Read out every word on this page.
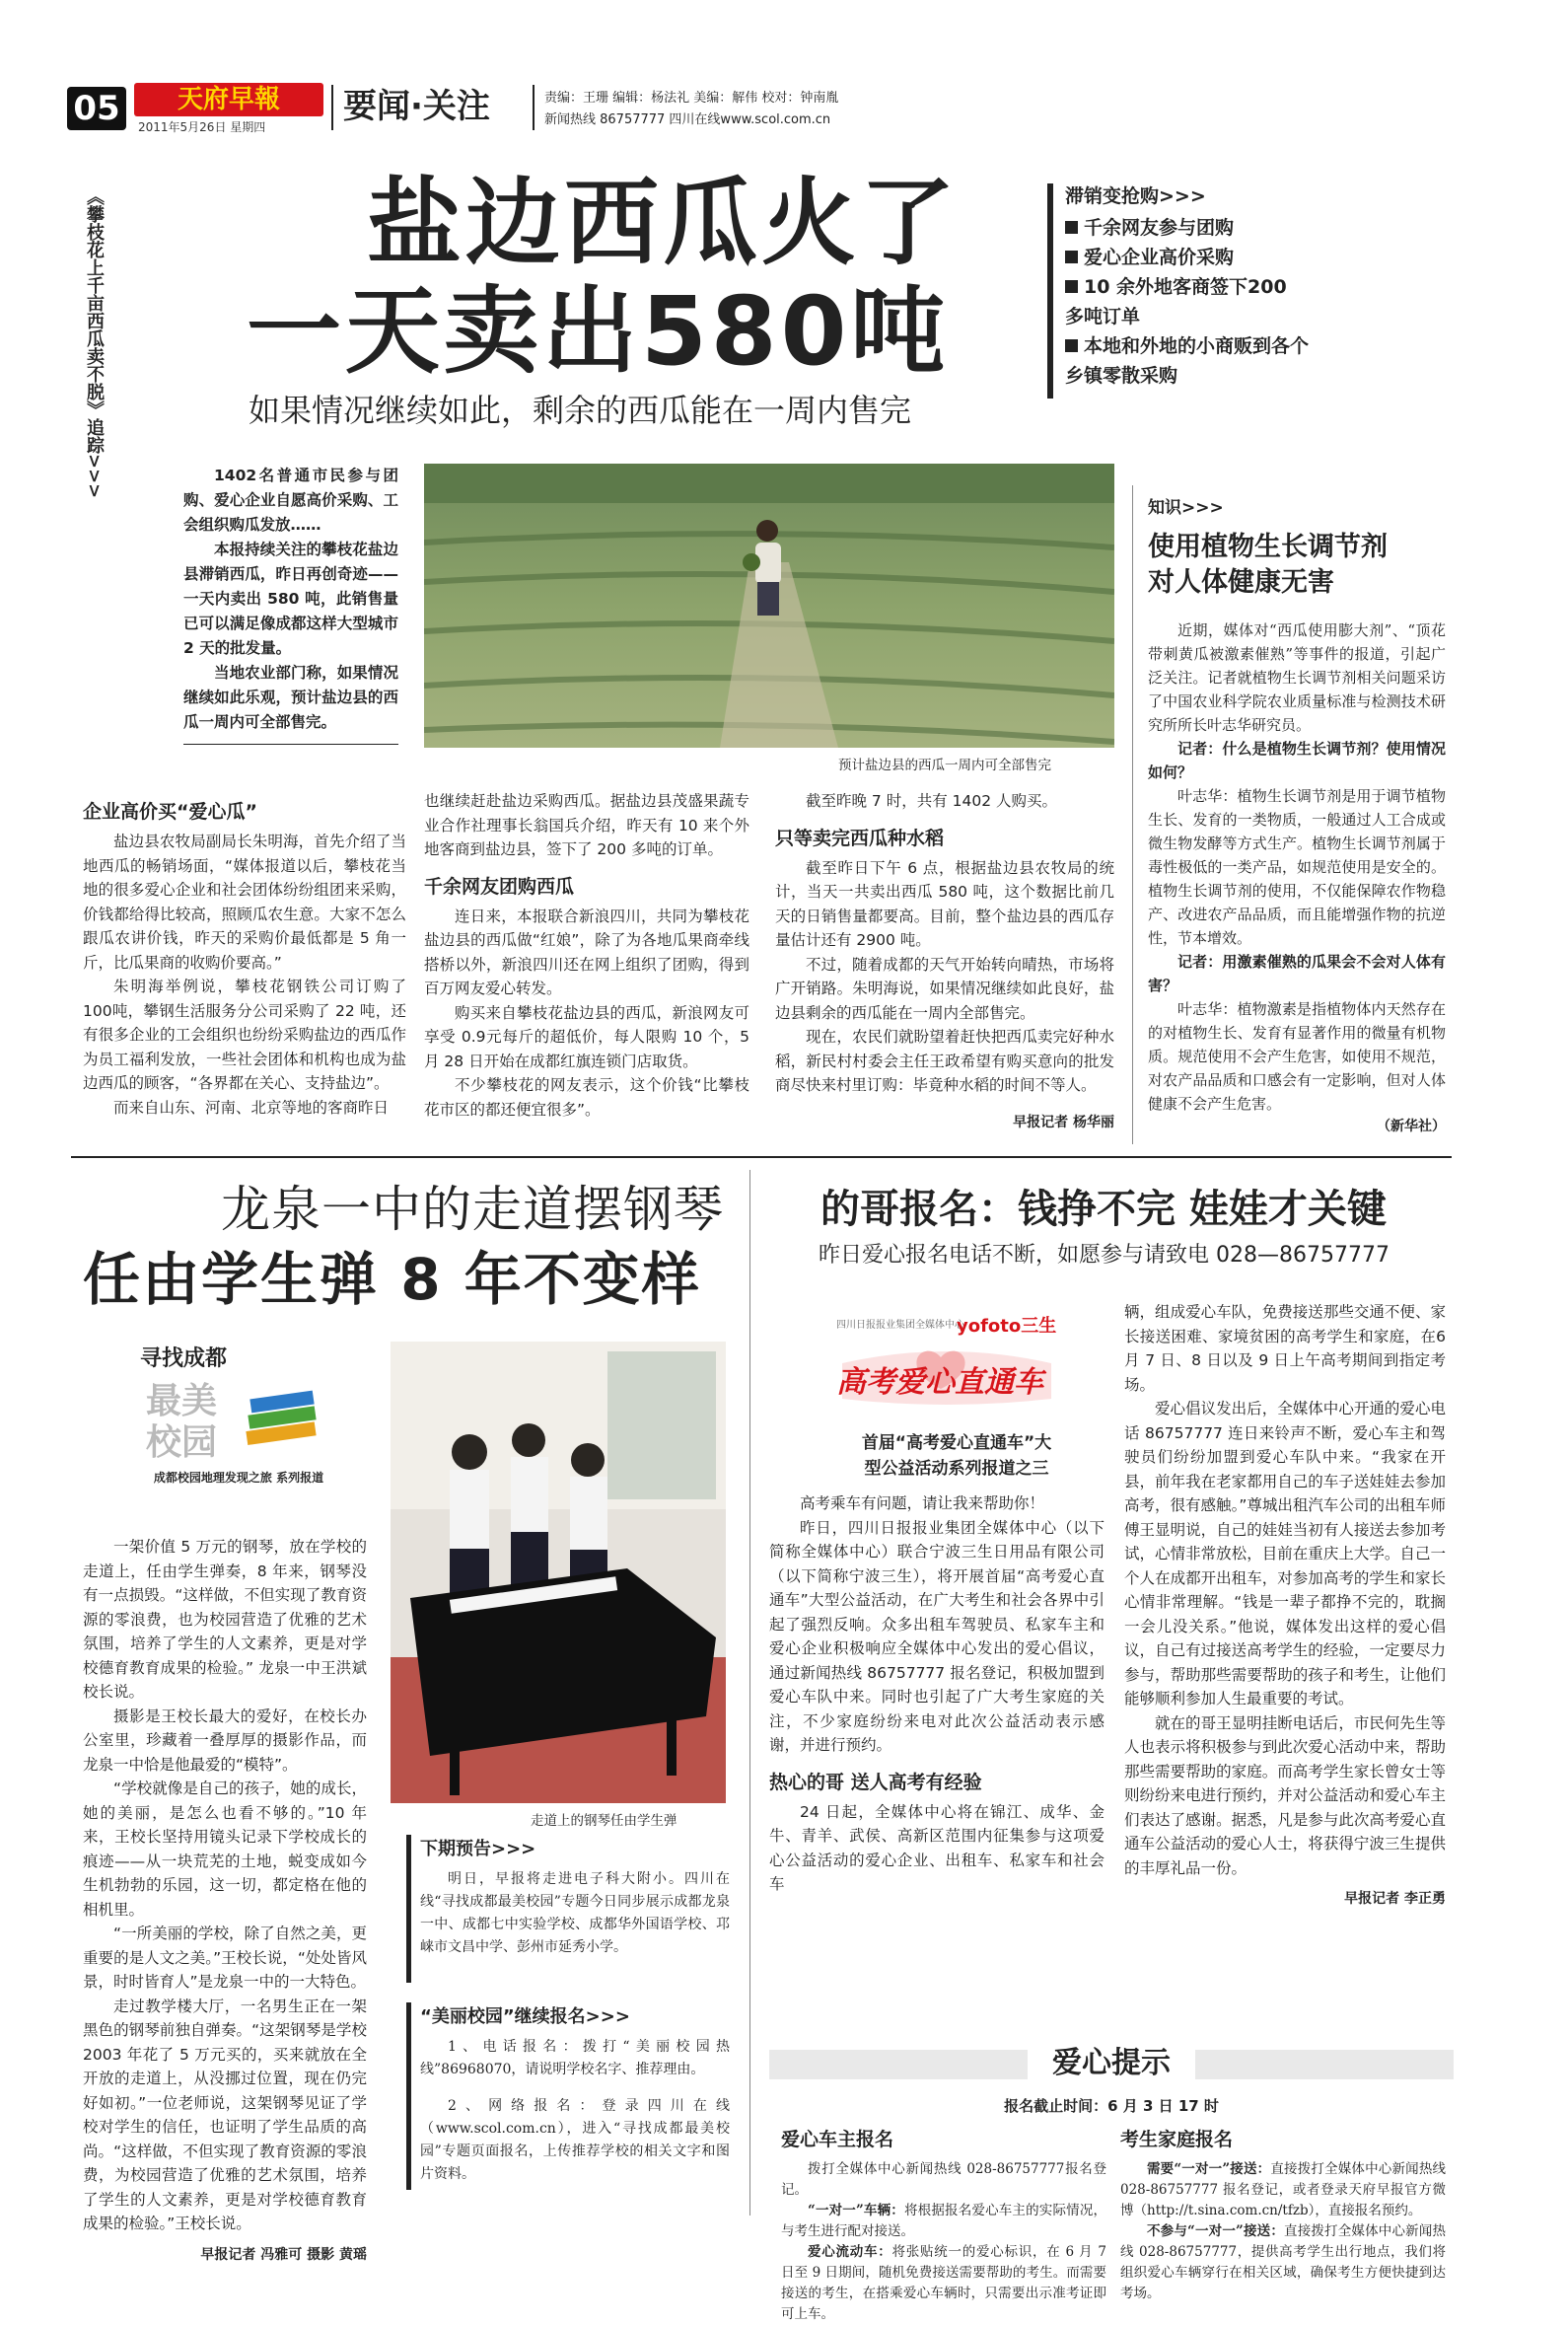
05	天府早報
2011年5月26日 星期四
要闻·关注	责编：王珊 编辑：杨法礼 美编：解伟 校对：钟南胤
新闻热线 86757777 四川在线www.scol.com.cn
《攀枝花上千亩西瓜卖不脱》追踪>>>	盐边西瓜火了
一天卖出580吨
如果情况继续如此，剩余的西瓜能在一周内售完
滞销变抢购>>>
千余网友参与团购
爱心企业高价采购
10 余外地客商签下200 多吨订单
本地和外地的小商贩到各个乡镇零散采购

1402名普通市民参与团购、爱心企业自愿高价采购、工会组织购瓜发放……

本报持续关注的攀枝花盐边县滞销西瓜，昨日再创奇迹——一天内卖出 580 吨，此销售量已可以满足像成都这样大型城市 2 天的批发量。

当地农业部门称，如果情况继续如此乐观，预计盐边县的西瓜一周内可全部售完。

预计盐边县的西瓜一周内可全部售完
企业高价买“爱心瓜”

盐边县农牧局副局长朱明海，首先介绍了当地西瓜的畅销场面，“媒体报道以后，攀枝花当地的很多爱心企业和社会团体纷纷组团来采购，价钱都给得比较高，照顾瓜农生意。大家不怎么跟瓜农讲价钱，昨天的采购价最低都是 5 角一斤，比瓜果商的收购价要高。”

朱明海举例说，攀枝花钢铁公司订购了 100吨，攀钢生活服务分公司采购了 22 吨，还有很多企业的工会组织也纷纷采购盐边的西瓜作为员工福利发放，一些社会团体和机构也成为盐边西瓜的顾客，“各界都在关心、支持盐边”。

而来自山东、河南、北京等地的客商昨日

也继续赶赴盐边采购西瓜。据盐边县茂盛果蔬专业合作社理事长翁国兵介绍，昨天有 10 来个外地客商到盐边县，签下了 200 多吨的订单。

千余网友团购西瓜

连日来，本报联合新浪四川，共同为攀枝花盐边县的西瓜做“红娘”，除了为各地瓜果商牵线搭桥以外，新浪四川还在网上组织了团购，得到百万网友爱心转发。

购买来自攀枝花盐边县的西瓜，新浪网友可享受 0.9元每斤的超低价，每人限购 10 个，5 月 28 日开始在成都红旗连锁门店取货。

不少攀枝花的网友表示，这个价钱“比攀枝花市区的都还便宜很多”。

截至昨晚 7 时，共有 1402 人购买。

只等卖完西瓜种水稻

截至昨日下午 6 点，根据盐边县农牧局的统计，当天一共卖出西瓜 580 吨，这个数据比前几天的日销售量都要高。目前，整个盐边县的西瓜存量估计还有 2900 吨。

不过，随着成都的天气开始转向晴热，市场将广开销路。朱明海说，如果情况继续如此良好，盐边县剩余的西瓜能在一周内全部售完。

现在，农民们就盼望着赶快把西瓜卖完好种水稻，新民村村委会主任王政希望有购买意向的批发商尽快来村里订购：毕竟种水稻的时间不等人。

早报记者 杨华丽
知识>>>
使用植物生长调节剂
对人体健康无害

近期，媒体对“西瓜使用膨大剂”、“顶花带刺黄瓜被激素催熟”等事件的报道，引起广泛关注。记者就植物生长调节剂相关问题采访了中国农业科学院农业质量标准与检测技术研究所所长叶志华研究员。

记者：什么是植物生长调节剂？使用情况如何？

叶志华：植物生长调节剂是用于调节植物生长、发育的一类物质，一般通过人工合成或微生物发酵等方式生产。植物生长调节剂属于毒性极低的一类产品，如规范使用是安全的。植物生长调节剂的使用，不仅能保障农作物稳产、改进农产品品质，而且能增强作物的抗逆性，节本增效。

记者：用激素催熟的瓜果会不会对人体有害？

叶志华：植物激素是指植物体内天然存在的对植物生长、发育有显著作用的微量有机物质。规范使用不会产生危害，如使用不规范，对农产品品质和口感会有一定影响，但对人体健康不会产生危害。

（新华社）
龙泉一中的走道摆钢琴
任由学生弹 8 年不变样
寻找成都
最美
校园
成都校园地理发现之旅 系列报道

一架价值 5 万元的钢琴，放在学校的走道上，任由学生弹奏，8 年来，钢琴没有一点损毁。“这样做，不但实现了教育资源的零浪费，也为校园营造了优雅的艺术氛围，培养了学生的人文素养，更是对学校德育教育成果的检验。” 龙泉一中王洪斌校长说。

摄影是王校长最大的爱好，在校长办公室里，珍藏着一叠厚厚的摄影作品，而龙泉一中恰是他最爱的“模特”。

“学校就像是自己的孩子，她的成长，她的美丽，是怎么也看不够的。”10 年来，王校长坚持用镜头记录下学校成长的痕迹——从一块荒芜的土地，蜕变成如今生机勃勃的乐园，这一切，都定格在他的相机里。

“一所美丽的学校，除了自然之美，更重要的是人文之美。”王校长说，“处处皆风景，时时皆育人”是龙泉一中的一大特色。

走过教学楼大厅，一名男生正在一架黑色的钢琴前独自弹奏。“这架钢琴是学校 2003 年花了 5 万元买的，买来就放在全开放的走道上，从没挪过位置，现在仍完好如初。”一位老师说，这架钢琴见证了学校对学生的信任，也证明了学生品质的高尚。“这样做，不但实现了教育资源的零浪费，为校园营造了优雅的艺术氛围，培养了学生的人文素养，更是对学校德育教育成果的检验。”王校长说。

早报记者 冯雅可 摄影 黄瑶
走道上的钢琴任由学生弹
下期预告>>>

明日，早报将走进电子科大附小。四川在线“寻找成都最美校园”专题今日同步展示成都龙泉一中、成都七中实验学校、成都华外国语学校、邛崃市文昌中学、彭州市延秀小学。

“美丽校园”继续报名>>>

1、电话报名：拨打“美丽校园热线”86968070，请说明学校名字、推荐理由。

2、网络报名：登录四川在线（www.scol.com.cn），进入“寻找成都最美校园”专题页面报名，上传推荐学校的相关文字和图片资料。

的哥报名：钱挣不完 娃娃才关键
昨日爱心报名电话不断，如愿参与请致电 028—86757777
四川日报报业集团全媒体中心
yofoto三生
高考爱心直通车
首届“高考爱心直通车”大
型公益活动系列报道之三

高考乘车有问题，请让我来帮助你！

昨日，四川日报报业集团全媒体中心（以下简称全媒体中心）联合宁波三生日用品有限公司（以下简称宁波三生），将开展首届“高考爱心直通车”大型公益活动，在广大考生和社会各界中引起了强烈反响。众多出租车驾驶员、私家车主和爱心企业积极响应全媒体中心发出的爱心倡议，通过新闻热线 86757777 报名登记，积极加盟到爱心车队中来。同时也引起了广大考生家庭的关注，不少家庭纷纷来电对此次公益活动表示感谢，并进行预约。

热心的哥 送人高考有经验

24 日起，全媒体中心将在锦江、成华、金牛、青羊、武侯、高新区范围内征集参与这项爱心公益活动的爱心企业、出租车、私家车和社会车

辆，组成爱心车队，免费接送那些交通不便、家长接送困难、家境贫困的高考学生和家庭，在6 月 7 日、8 日以及 9 日上午高考期间到指定考场。

爱心倡议发出后，全媒体中心开通的爱心电话 86757777 连日来铃声不断，爱心车主和驾驶员们纷纷加盟到爱心车队中来。“我家在开县，前年我在老家都用自己的车子送娃娃去参加高考，很有感触。”尊城出租汽车公司的出租车师傅王显明说，自己的娃娃当初有人接送去参加考试，心情非常放松，目前在重庆上大学。自己一个人在成都开出租车，对参加高考的学生和家长心情非常理解。“钱是一辈子都挣不完的，耽搁一会儿没关系。”他说，媒体发出这样的爱心倡议，自己有过接送高考学生的经验，一定要尽力参与，帮助那些需要帮助的孩子和考生，让他们能够顺利参加人生最重要的考试。

就在的哥王显明挂断电话后，市民何先生等人也表示将积极参与到此次爱心活动中来，帮助那些需要帮助的家庭。而高考学生家长曾女士等则纷纷来电进行预约，并对公益活动和爱心车主们表达了感谢。据悉，凡是参与此次高考爱心直通车公益活动的爱心人士，将获得宁波三生提供的丰厚礼品一份。

早报记者 李正勇
爱心提示
报名截止时间：6 月 3 日 17 时
爱心车主报名

拨打全媒体中心新闻热线 028-86757777报名登记。

“一对一”车辆：将根据报名爱心车主的实际情况，与考生进行配对接送。

爱心流动车：将张贴统一的爱心标识，在 6 月 7 日至 9 日期间，随机免费接送需要帮助的考生。而需要接送的考生，在搭乘爱心车辆时，只需要出示准考证即可上车。

考生家庭报名

需要“一对一”接送：直接拨打全媒体中心新闻热线 028-86757777 报名登记，或者登录天府早报官方微博（http://t.sina.com.cn/tfzb），直接报名预约。

不参与“一对一”接送：直接拨打全媒体中心新闻热线 028-86757777，提供高考学生出行地点，我们将组织爱心车辆穿行在相关区域，确保考生方便快捷到达考场。
